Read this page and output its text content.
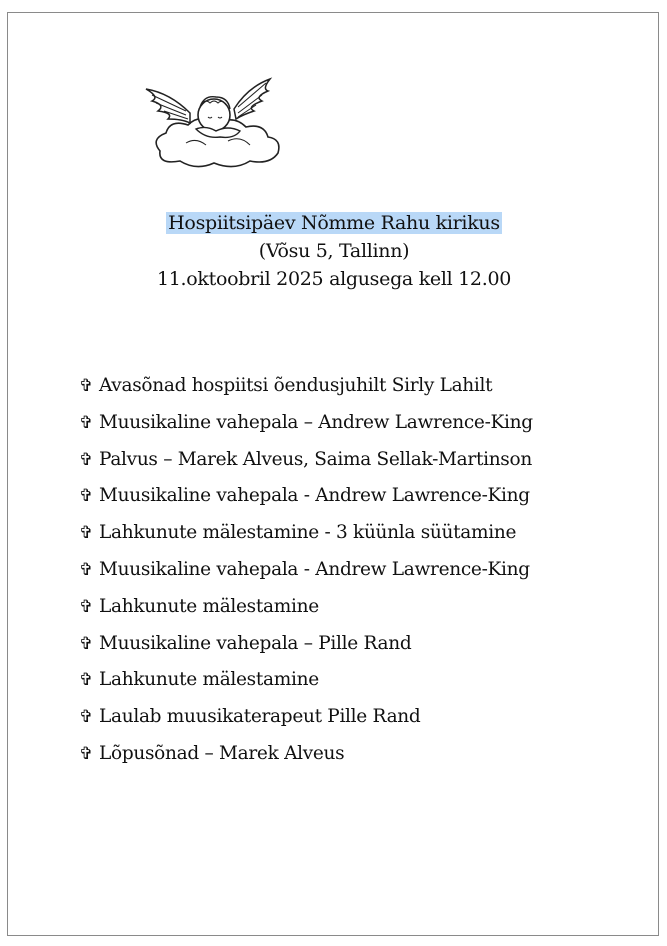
Hospiitsipäev Nõmme Rahu kirikus
(Võsu 5, Tallinn)
11.oktoobril 2025 algusega kell 12.00
✞ Avasõnad hospiitsi õendusjuhilt Sirly Lahilt
✞ Muusikaline vahepala – Andrew Lawrence-King
✞ Palvus – Marek Alveus, Saima Sellak-Martinson
✞ Muusikaline vahepala - Andrew Lawrence-King
✞ Lahkunute mälestamine - 3 küünla süütamine
✞ Muusikaline vahepala - Andrew Lawrence-King
✞ Lahkunute mälestamine
✞ Muusikaline vahepala – Pille Rand
✞ Lahkunute mälestamine
✞ Laulab muusikaterapeut Pille Rand
✞ Lõpusõnad – Marek Alveus
